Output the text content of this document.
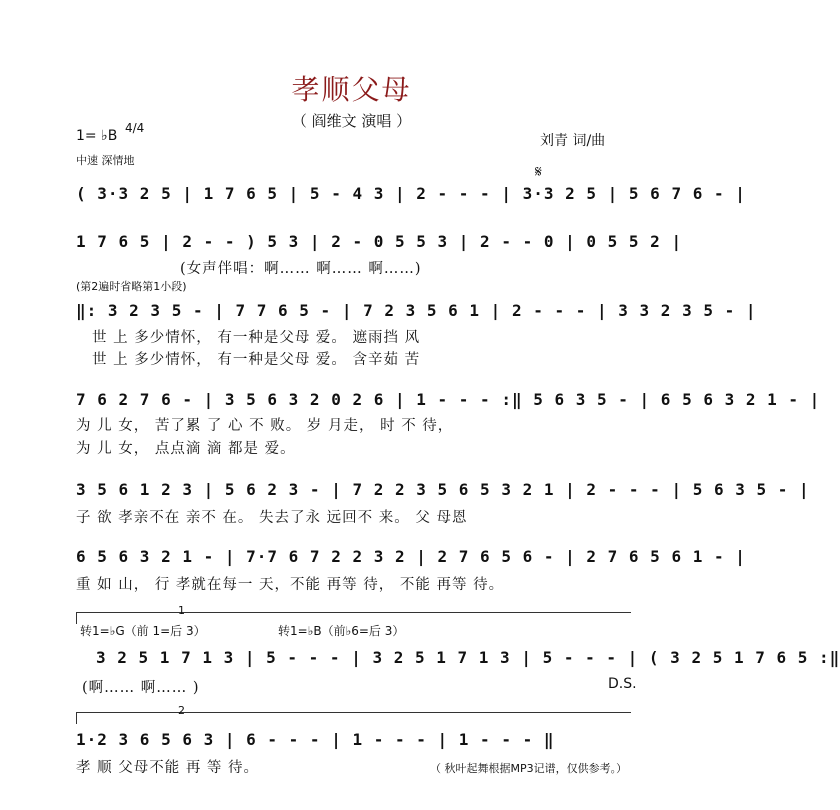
孝顺父母
（ 阎维文 演唱 ）
1= ♭B 4/4
中速 深情地
刘青 词/曲
𝄋
( 3·3 2 5 | 1 7 6 5 | 5 - 4 3 | 2 - - - | 3·3 2 5 | 5 6 7 6 - |
1 7 6 5 | 2 - - ) 5 3 | 2 - 0 5 5 3 | 2 - - 0 | 0 5 5 2 |
(女声伴唱：啊…… 啊…… 啊……)
(第2遍时省略第1小段)
‖: 3 2 3 5 - | 7 7 6 5 - | 7 2 3 5 6 1 | 2 - - - | 3 3 2 3 5 - |
世 上 多少情怀， 有一种是父母 爱。 遮雨挡 风
世 上 多少情怀， 有一种是父母 爱。 含辛茹 苦
7 6 2 7 6 - | 3 5 6 3 2 0 2 6 | 1 - - - :‖ 5 6 3 5 - | 6 5 6 3 2 1 - |
为 儿 女， 苦了累 了 心 不 败。 岁 月走， 时 不 待，
为 儿 女， 点点滴 滴 都是 爱。
3 5 6 1 2 3 | 5 6 2 3 - | 7 2 2 3 5 6 5 3 2 1 | 2 - - - | 5 6 3 5 - |
子 欲 孝亲不在 亲不 在。 失去了永 远回不 来。 父 母恩
6 5 6 3 2 1 - | 7·7 6 7 2 2 3 2 | 2 7 6 5 6 - | 2 7 6 5 6 1 - |
重 如 山， 行 孝就在每一 天，不能 再等 待， 不能 再等 待。
1
转1=♭G（前 1=后 3）	转1=♭B（前♭6=后 3）
3 2 5 1 7 1 3 | 5 - - - | 3 2 5 1 7 1 3 | 5 - - - | ( 3 2 5 1 7 6 5 :‖
(啊…… 啊…… )	D.S.
2
1·2 3 6 5 6 3 | 6 - - - | 1 - - - | 1 - - - ‖
孝 顺 父母不能 再 等 待。	（ 秋叶起舞根据MP3记谱，仅供参考。）
